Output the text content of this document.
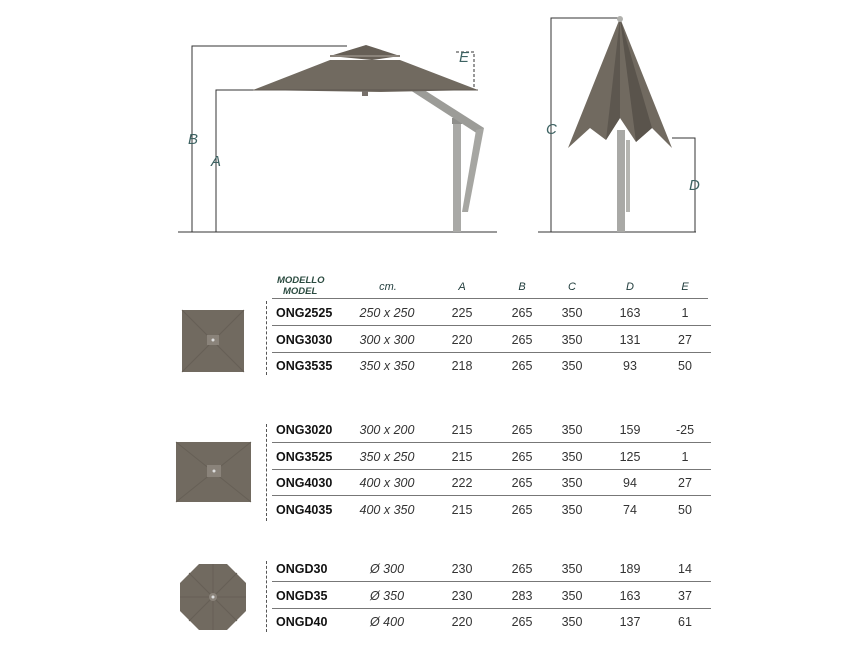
B
A
E
C
D
MODELLO
MODEL	cm.	A	B	C	D	E
ONG2525 250 x 250	225	265	350	163	1
ONG3030 300 x 300	220	265	350	131	27
ONG3535 350 x 350	218	265	350	93	50
ONG3020 300 x 200	215	265	350	159	-25
ONG3525 350 x 250	215	265	350	125	1
ONG4030 400 x 300	222	265	350	94	27
ONG4035 400 x 350	215	265	350	74	50
ONGD30	Ø 300	230	265	350	189	14
ONGD35	Ø 350	230	283	350	163	37
ONGD40	Ø 400	220	265	350	137	61
